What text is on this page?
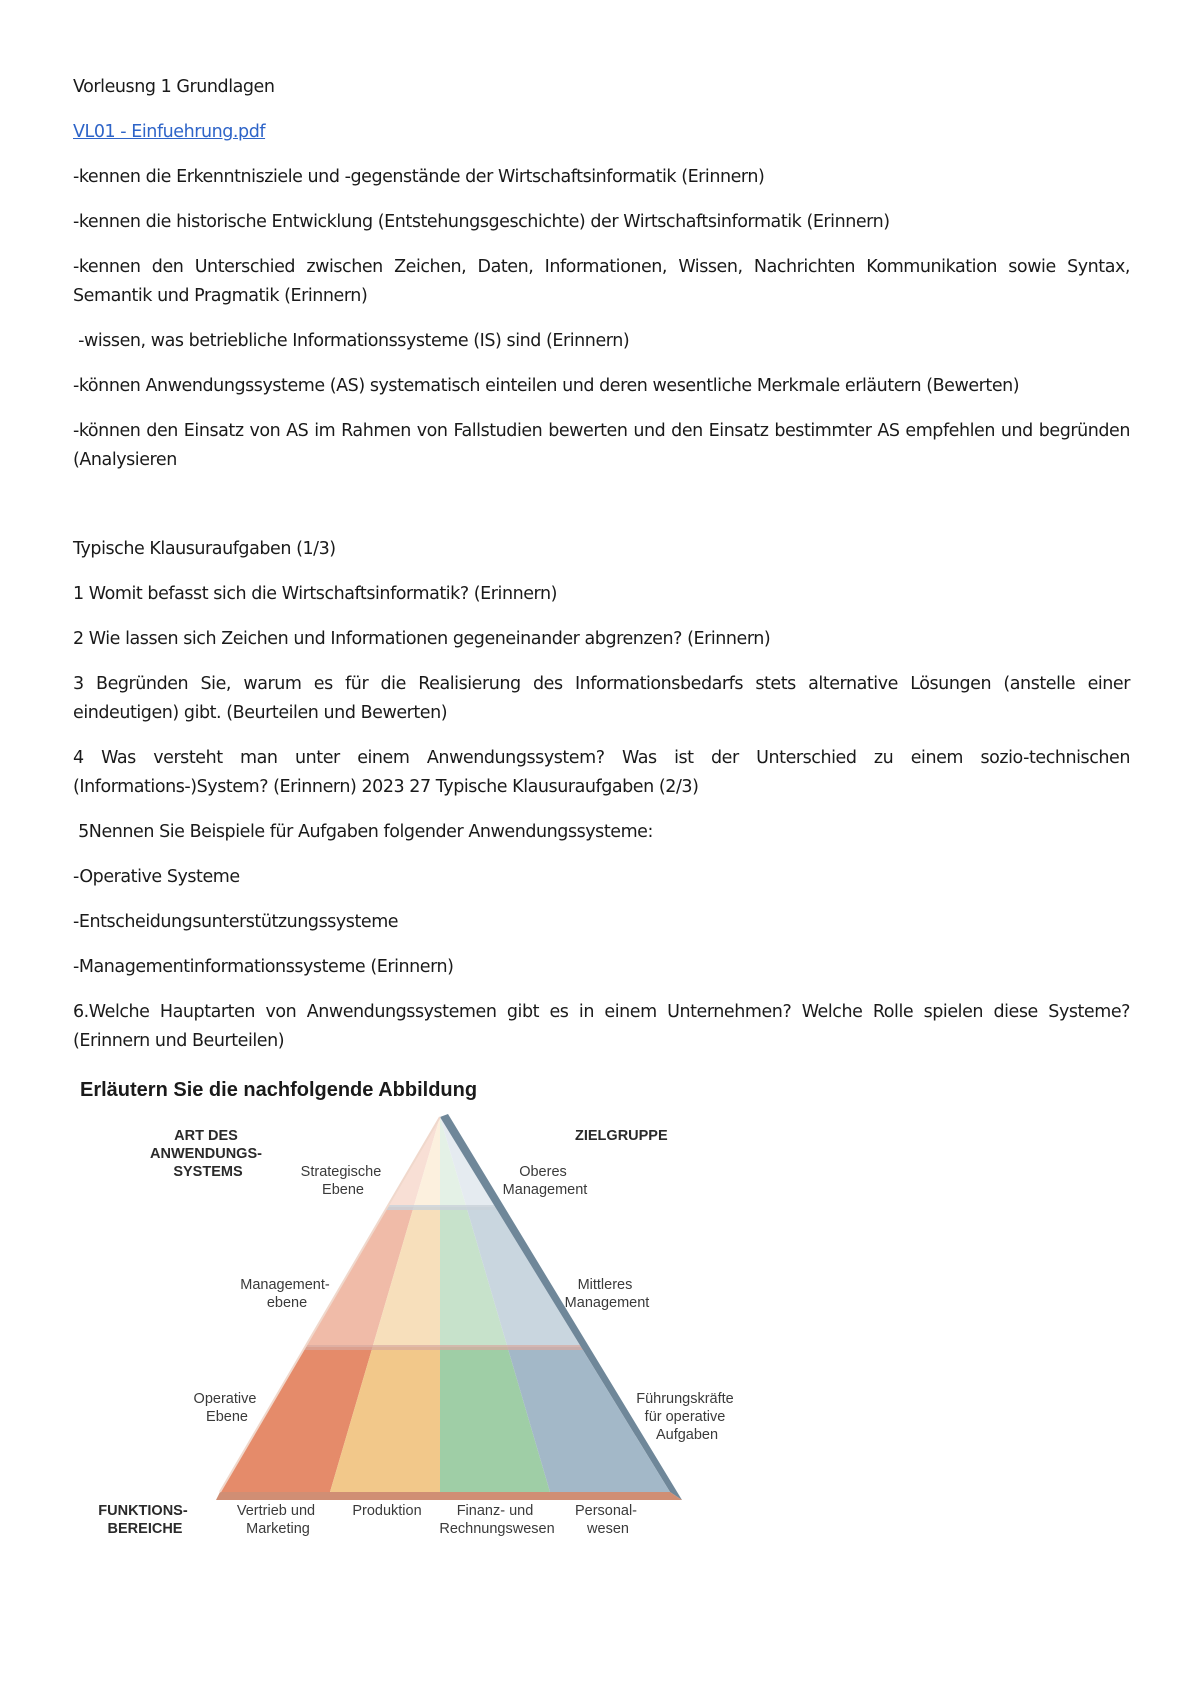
Vorleusng 1 Grundlagen

VL01 - Einfuehrung.pdf

-kennen die Erkenntnisziele und -gegenstände der Wirtschaftsinformatik (Erinnern)

-kennen die historische Entwicklung (Entstehungsgeschichte) der Wirtschaftsinformatik (Erinnern)

-kennen den Unterschied zwischen Zeichen, Daten, Informationen, Wissen, Nachrichten Kommunikation sowie Syntax, Semantik und Pragmatik (Erinnern)

-wissen, was betriebliche Informationssysteme (IS) sind (Erinnern)

-können Anwendungssysteme (AS) systematisch einteilen und deren wesentliche Merkmale erläutern (Bewerten)

-können den Einsatz von AS im Rahmen von Fallstudien bewerten und den Einsatz bestimmter AS empfehlen und begründen (Analysieren

Typische Klausuraufgaben (1/3)

1 Womit befasst sich die Wirtschaftsinformatik? (Erinnern)

2 Wie lassen sich Zeichen und Informationen gegeneinander abgrenzen? (Erinnern)

3 Begründen Sie, warum es für die Realisierung des Informationsbedarfs stets alternative Lösungen (anstelle einer eindeutigen) gibt. (Beurteilen und Bewerten)

4 Was versteht man unter einem Anwendungssystem? Was ist der Unterschied zu einem sozio-technischen (Informations-)System? (Erinnern) 2023 27 Typische Klausuraufgaben (2/3)

5Nennen Sie Beispiele für Aufgaben folgender Anwendungssysteme:

-Operative Systeme

-Entscheidungsunterstützungssysteme

-Managementinformationssysteme (Erinnern)

6.Welche Hauptarten von Anwendungssystemen gibt es in einem Unternehmen? Welche Rolle spielen diese Systeme? (Erinnern und Beurteilen)

Erläutern Sie die nachfolgende Abbildung
ART DES ANWENDUNGS- SYSTEMS
ZIELGRUPPE
Strategische Ebene
Management- ebene
Operative Ebene
Oberes Management
Mittleres Management
Führungskräfte für operative Aufgaben
FUNKTIONS- BEREICHE
Vertrieb und Marketing
Produktion	Finanz- und Rechnungswesen
Personal- wesen
